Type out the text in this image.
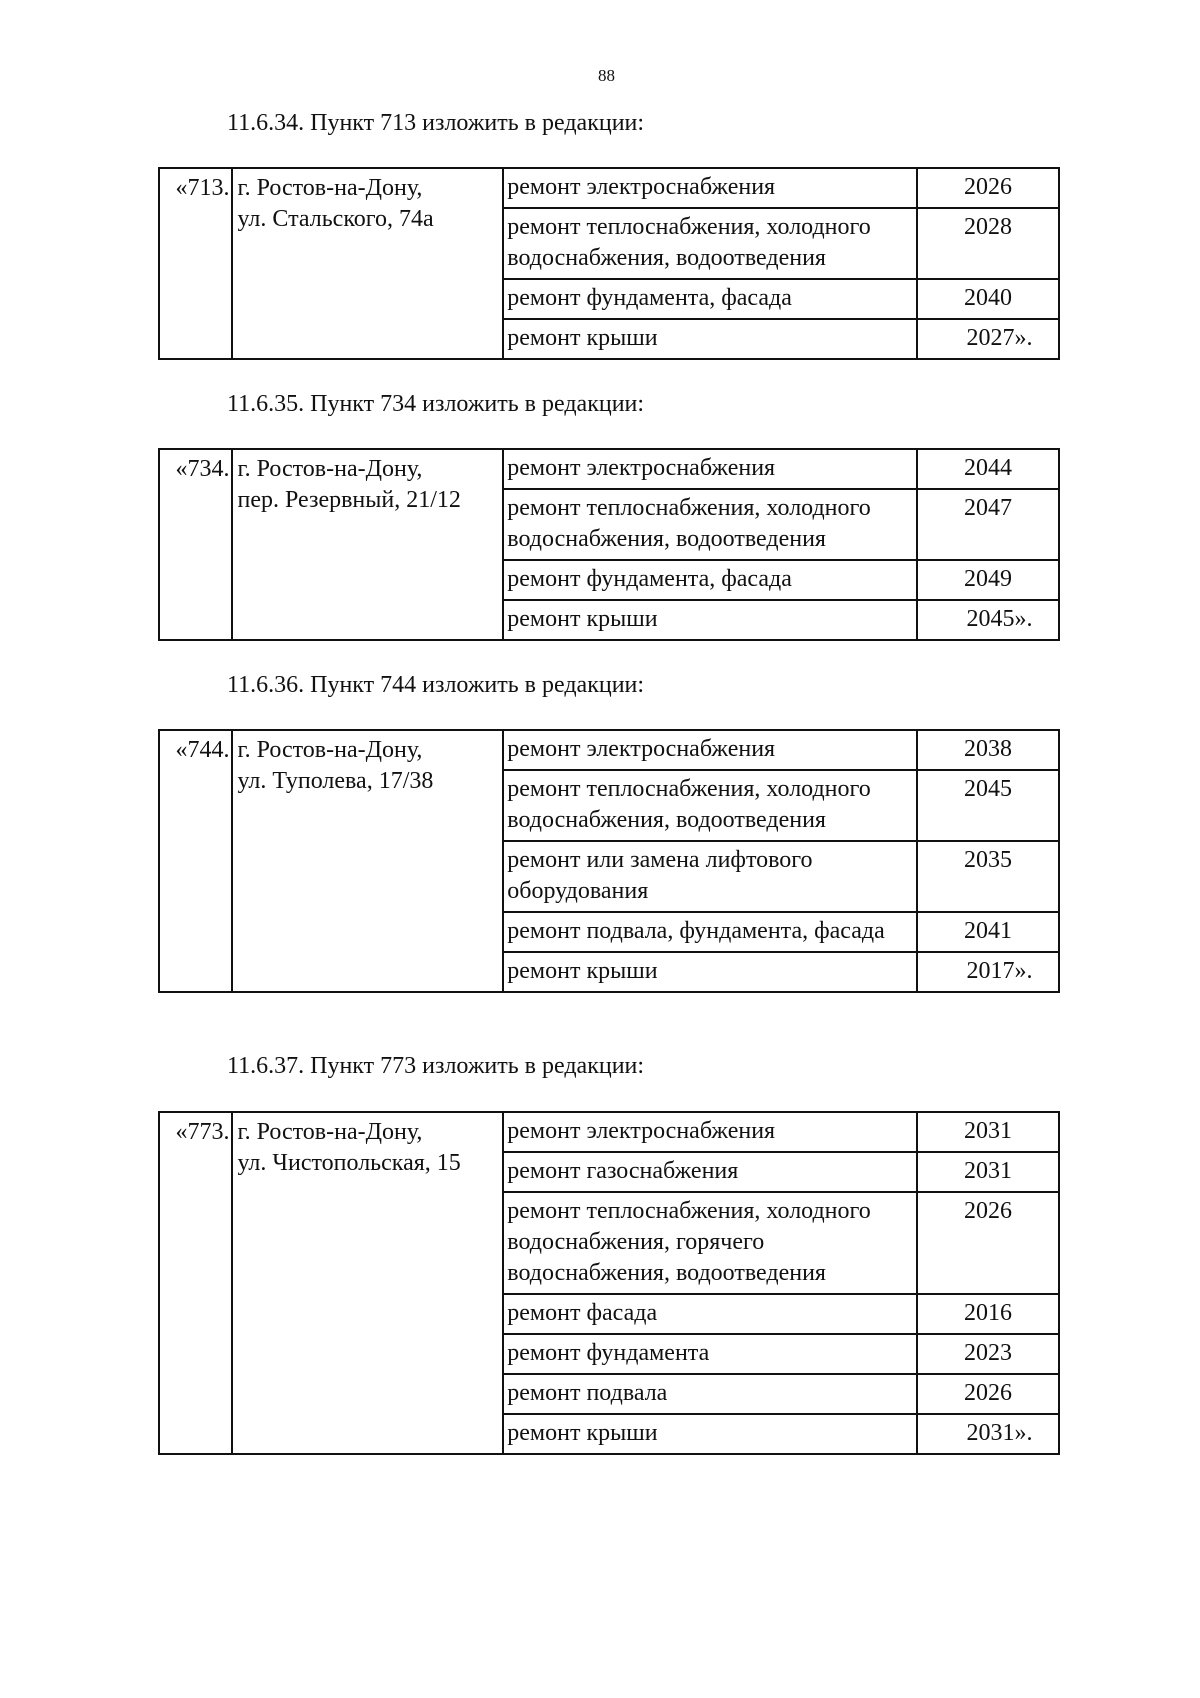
88
11.6.34. Пункт 713 изложить в редакции:
«713.	г. Ростов-на-Дону,
ул. Стальского, 74а	ремонт электроснабжения	2026
		ремонт теплоснабжения, холодного водоснабжения, водоотведения	2028
		ремонт фундамента, фасада	2040
		ремонт крыши	2027».
11.6.35. Пункт 734 изложить в редакции:
«734.	г. Ростов-на-Дону,
пер. Резервный, 21/12	ремонт электроснабжения	2044
		ремонт теплоснабжения, холодного водоснабжения, водоотведения	2047
		ремонт фундамента, фасада	2049
		ремонт крыши	2045».
11.6.36. Пункт 744 изложить в редакции:
«744.	г. Ростов-на-Дону,
ул. Туполева, 17/38	ремонт электроснабжения	2038
		ремонт теплоснабжения, холодного водоснабжения, водоотведения	2045
		ремонт или замена лифтового оборудования	2035
		ремонт подвала, фундамента, фасада	2041
		ремонт крыши	2017».
11.6.37. Пункт 773 изложить в редакции:
«773.	г. Ростов-на-Дону,
ул. Чистопольская, 15	ремонт электроснабжения	2031
		ремонт газоснабжения	2031
		ремонт теплоснабжения, холодного водоснабжения, горячего водоснабжения, водоотведения	2026
		ремонт фасада	2016
		ремонт фундамента	2023
		ремонт подвала	2026
		ремонт крыши	2031».
